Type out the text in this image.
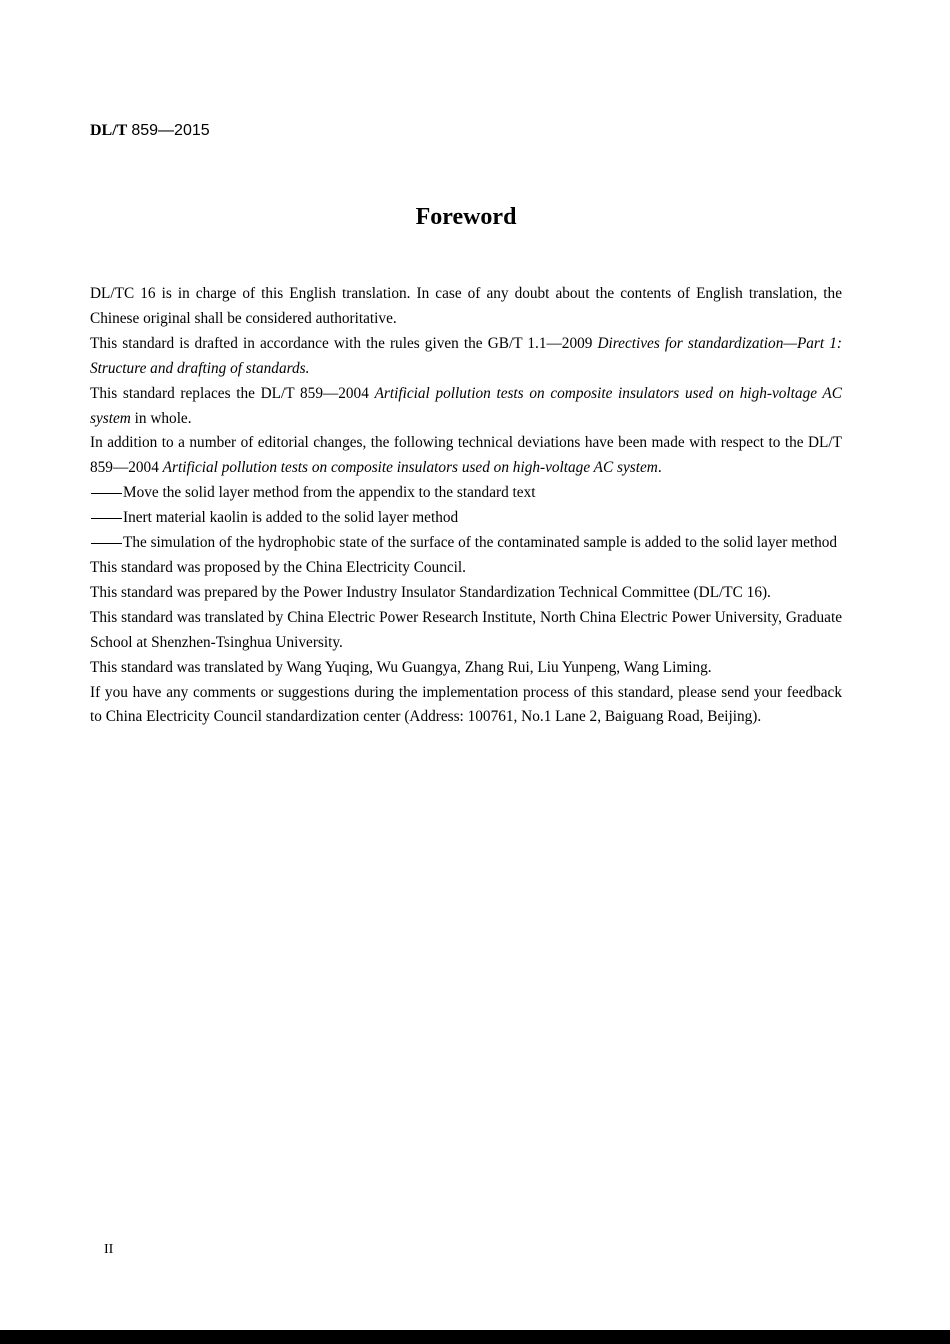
DL/T 859—2015
Foreword

DL/TC 16 is in charge of this English translation. In case of any doubt about the contents of English translation, the Chinese original shall be considered authoritative.

This standard is drafted in accordance with the rules given the GB/T 1.1—2009 Directives for standardization—Part 1: Structure and drafting of standards.

This standard replaces the DL/T 859—2004 Artificial pollution tests on composite insulators used on high-voltage AC system in whole.

In addition to a number of editorial changes, the following technical deviations have been made with respect to the DL/T 859—2004 Artificial pollution tests on composite insulators used on high-voltage AC system.

Move the solid layer method from the appendix to the standard text

Inert material kaolin is added to the solid layer method

The simulation of the hydrophobic state of the surface of the contaminated sample is added to the solid layer method

This standard was proposed by the China Electricity Council.

This standard was prepared by the Power Industry Insulator Standardization Technical Committee (DL/TC 16).

This standard was translated by China Electric Power Research Institute, North China Electric Power University, Graduate School at Shenzhen-Tsinghua University.

This standard was translated by Wang Yuqing, Wu Guangya, Zhang Rui, Liu Yunpeng, Wang Liming.

If you have any comments or suggestions during the implementation process of this standard, please send your feedback to China Electricity Council standardization center (Address: 100761, No.1 Lane 2, Baiguang Road, Beijing).

II
